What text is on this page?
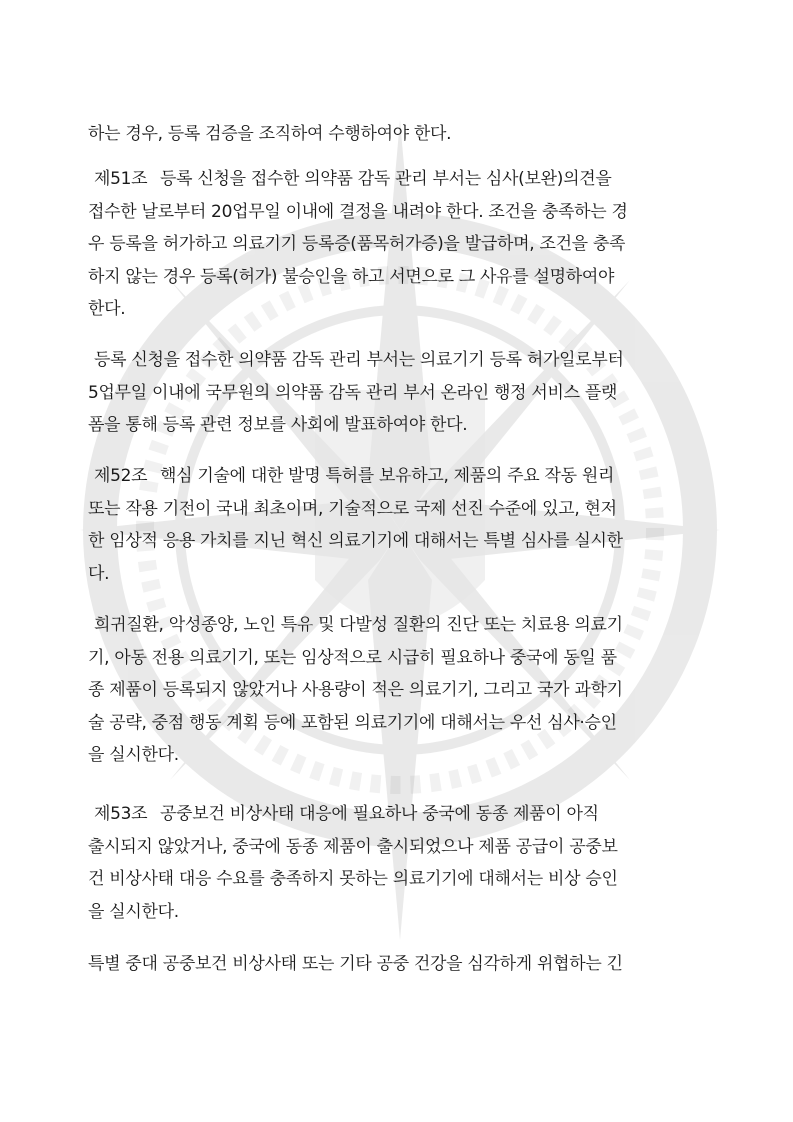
하는 경우, 등록 검증을 조직하여 수행하여야 한다.

제51조 등록 신청을 접수한 의약품 감독 관리 부서는 심사(보완)의견을
접수한 날로부터 20업무일 이내에 결정을 내려야 한다. 조건을 충족하는 경
우 등록을 허가하고 의료기기 등록증(품목허가증)을 발급하며, 조건을 충족
하지 않는 경우 등록(허가) 불승인을 하고 서면으로 그 사유를 설명하여야
한다.

등록 신청을 접수한 의약품 감독 관리 부서는 의료기기 등록 허가일로부터
5업무일 이내에 국무원의 의약품 감독 관리 부서 온라인 행정 서비스 플랫
폼을 통해 등록 관련 정보를 사회에 발표하여야 한다.

제52조 핵심 기술에 대한 발명 특허를 보유하고, 제품의 주요 작동 원리
또는 작용 기전이 국내 최초이며, 기술적으로 국제 선진 수준에 있고, 현저
한 임상적 응용 가치를 지닌 혁신 의료기기에 대해서는 특별 심사를 실시한
다.

희귀질환, 악성종양, 노인 특유 및 다발성 질환의 진단 또는 치료용 의료기
기, 아동 전용 의료기기, 또는 임상적으로 시급히 필요하나 중국에 동일 품
종 제품이 등록되지 않았거나 사용량이 적은 의료기기, 그리고 국가 과학기
술 공략, 중점 행동 계획 등에 포함된 의료기기에 대해서는 우선 심사·승인
을 실시한다.

제53조 공중보건 비상사태 대응에 필요하나 중국에 동종 제품이 아직
출시되지 않았거나, 중국에 동종 제품이 출시되었으나 제품 공급이 공중보
건 비상사태 대응 수요를 충족하지 못하는 의료기기에 대해서는 비상 승인
을 실시한다.

특별 중대 공중보건 비상사태 또는 기타 공중 건강을 심각하게 위협하는 긴
